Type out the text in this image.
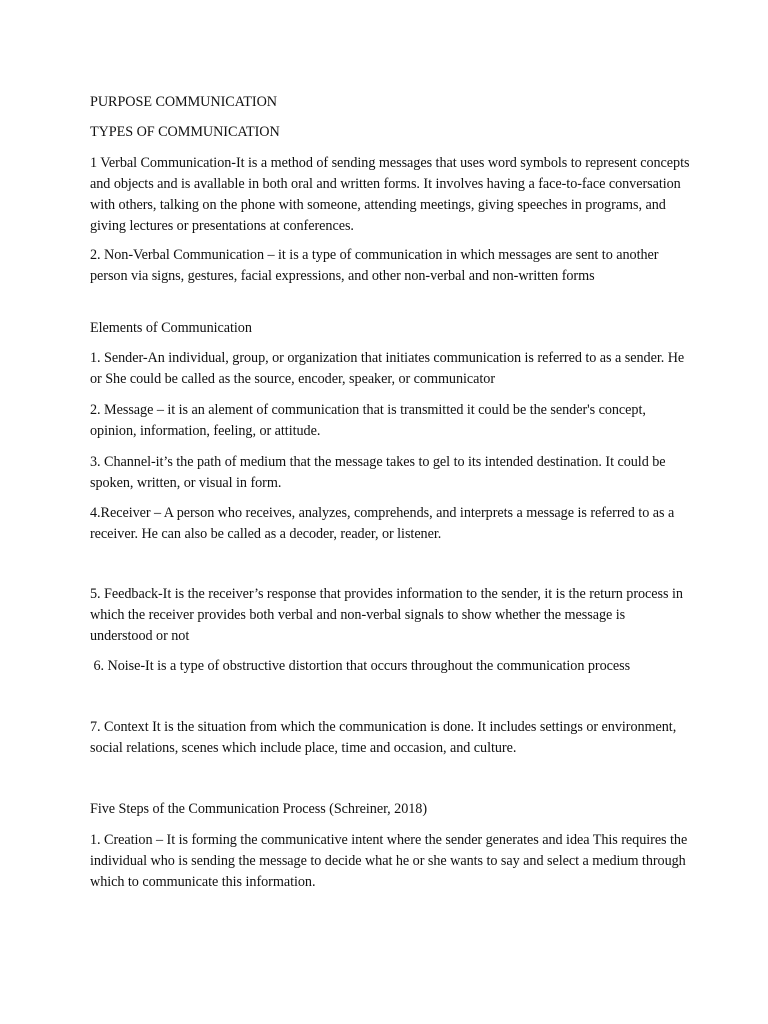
PURPOSE COMMUNICATION

TYPES OF COMMUNICATION

1 Verbal Communication-It is a method of sending messages that uses word symbols to represent concepts and objects and is avallable in both oral and written forms. It involves having a face-to-face conversation with others, talking on the phone with someone, attending meetings, giving speeches in programs, and giving lectures or presentations at conferences.

2. Non-Verbal Communication – it is a type of communication in which messages are sent to another person via signs, gestures, facial expressions, and other non-verbal and non-written forms

Elements of Communication

1. Sender-An individual, group, or organization that initiates communication is referred to as a sender. He or She could be called as the source, encoder, speaker, or communicator

2. Message – it is an alement of communication that is transmitted it could be the sender's concept, opinion, information, feeling, or attitude.

3. Channel-it’s the path of medium that the message takes to gel to its intended destination. It could be spoken, written, or visual in form.

4.Receiver – A person who receives, analyzes, comprehends, and interprets a message is referred to as a receiver. He can also be called as a decoder, reader, or listener.

5. Feedback-It is the receiver’s response that provides information to the sender, it is the return process in which the receiver provides both verbal and non-verbal signals to show whether the message is understood or not

6. Noise-It is a type of obstructive distortion that occurs throughout the communication process

7. Context It is the situation from which the communication is done. It includes settings or environment, social relations, scenes which include place, time and occasion, and culture.

Five Steps of the Communication Process (Schreiner, 2018)

1. Creation – It is forming the communicative intent where the sender generates and idea This requires the individual who is sending the message to decide what he or she wants to say and select a medium through which to communicate this information.
